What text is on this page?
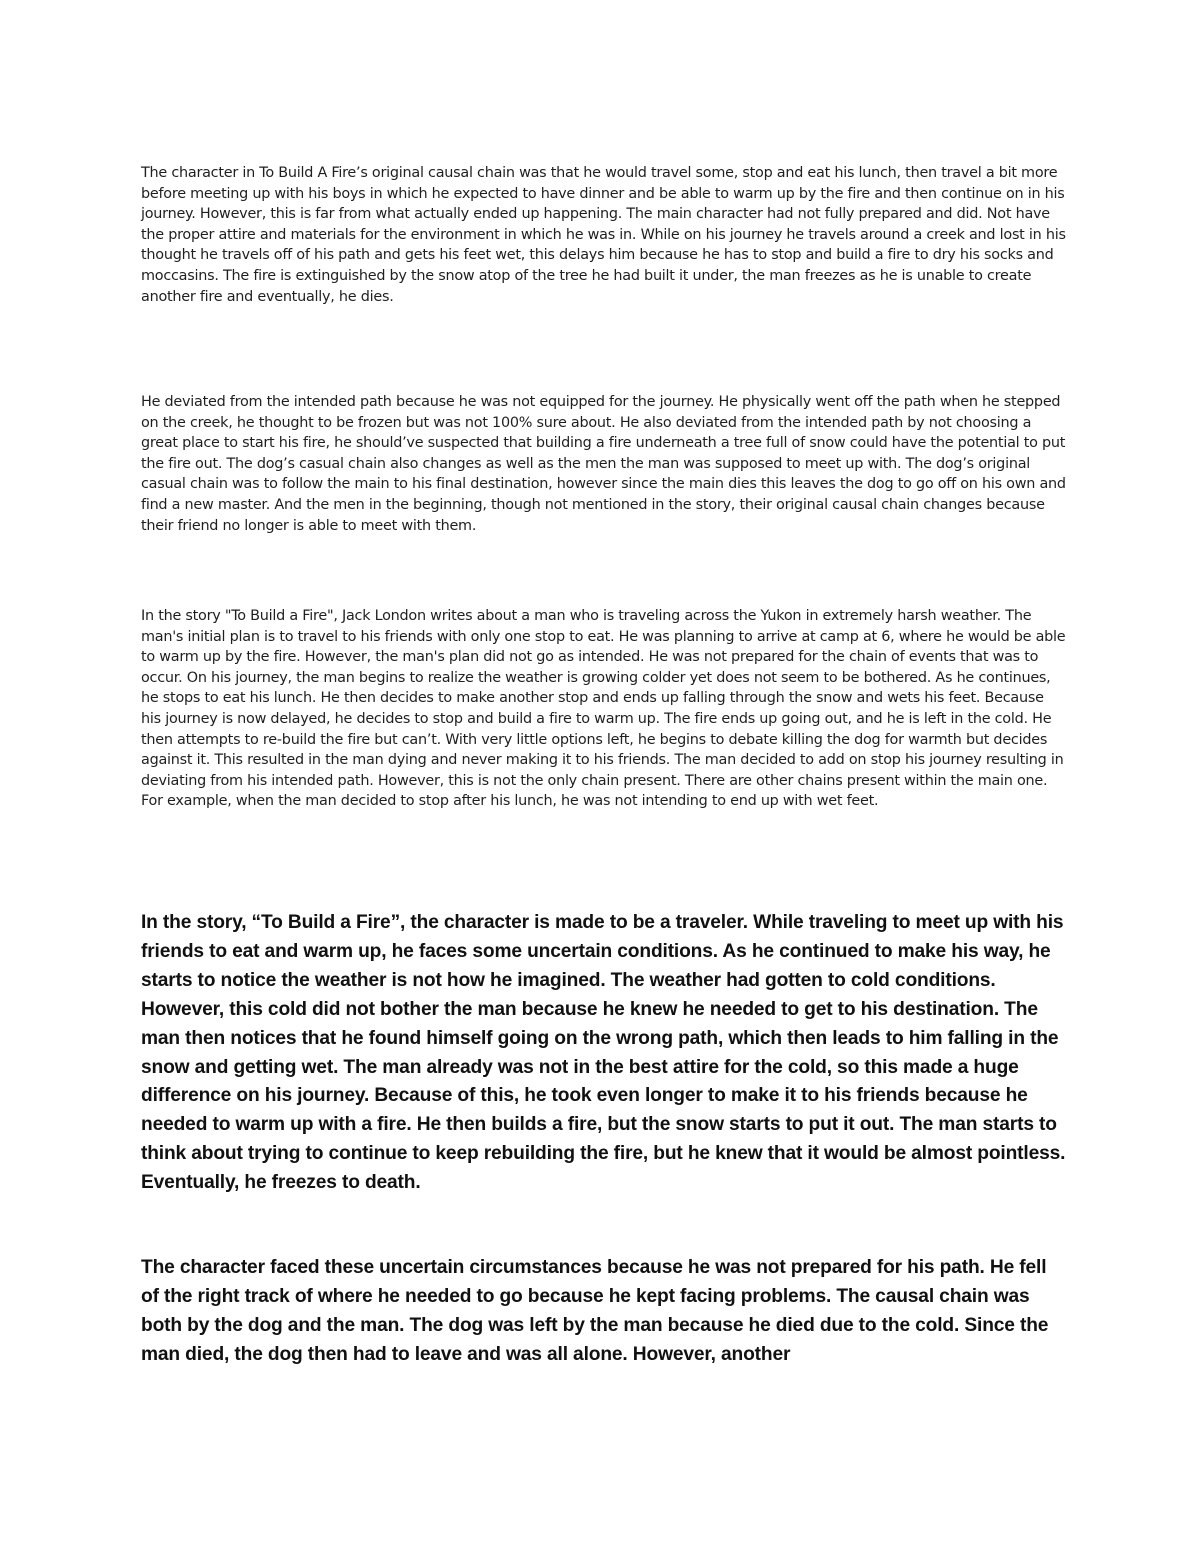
The character in To Build A Fire’s original causal chain was that he would travel some, stop and eat his lunch, then travel a bit more before meeting up with his boys in which he expected to have dinner and be able to warm up by the fire and then continue on in his journey. However, this is far from what actually ended up happening. The main character had not fully prepared and did. Not have the proper attire and materials for the environment in which he was in. While on his journey he travels around a creek and lost in his thought he travels off of his path and gets his feet wet, this delays him because he has to stop and build a fire to dry his socks and moccasins. The fire is extinguished by the snow atop of the tree he had built it under, the man freezes as he is unable to create another fire and eventually, he dies.

He deviated from the intended path because he was not equipped for the journey. He physically went off the path when he stepped on the creek, he thought to be frozen but was not 100% sure about. He also deviated from the intended path by not choosing a great place to start his fire, he should’ve suspected that building a fire underneath a tree full of snow could have the potential to put the fire out. The dog’s casual chain also changes as well as the men the man was supposed to meet up with. The dog’s original casual chain was to follow the main to his final destination, however since the main dies this leaves the dog to go off on his own and find a new master. And the men in the beginning, though not mentioned in the story, their original causal chain changes because their friend no longer is able to meet with them.

In the story "To Build a Fire", Jack London writes about a man who is traveling across the Yukon in extremely harsh weather. The man's initial plan is to travel to his friends with only one stop to eat. He was planning to arrive at camp at 6, where he would be able to warm up by the fire. However, the man's plan did not go as intended. He was not prepared for the chain of events that was to occur. On his journey, the man begins to realize the weather is growing colder yet does not seem to be bothered. As he continues, he stops to eat his lunch. He then decides to make another stop and ends up falling through the snow and wets his feet. Because his journey is now delayed, he decides to stop and build a fire to warm up. The fire ends up going out, and he is left in the cold. He then attempts to re-build the fire but can’t. With very little options left, he begins to debate killing the dog for warmth but decides against it. This resulted in the man dying and never making it to his friends. The man decided to add on stop his journey resulting in deviating from his intended path. However, this is not the only chain present. There are other chains present within the main one. For example, when the man decided to stop after his lunch, he was not intending to end up with wet feet.

In the story, “To Build a Fire”, the character is made to be a traveler. While traveling to meet up with his friends to eat and warm up, he faces some uncertain conditions. As he continued to make his way, he starts to notice the weather is not how he imagined. The weather had gotten to cold conditions. However, this cold did not bother the man because he knew he needed to get to his destination. The man then notices that he found himself going on the wrong path, which then leads to him falling in the snow and getting wet. The man already was not in the best attire for the cold, so this made a huge difference on his journey. Because of this, he took even longer to make it to his friends because he needed to warm up with a fire. He then builds a fire, but the snow starts to put it out. The man starts to think about trying to continue to keep rebuilding the fire, but he knew that it would be almost pointless. Eventually, he freezes to death.

The character faced these uncertain circumstances because he was not prepared for his path. He fell of the right track of where he needed to go because he kept facing problems. The causal chain was both by the dog and the man. The dog was left by the man because he died due to the cold. Since the man died, the dog then had to leave and was all alone. However, another
